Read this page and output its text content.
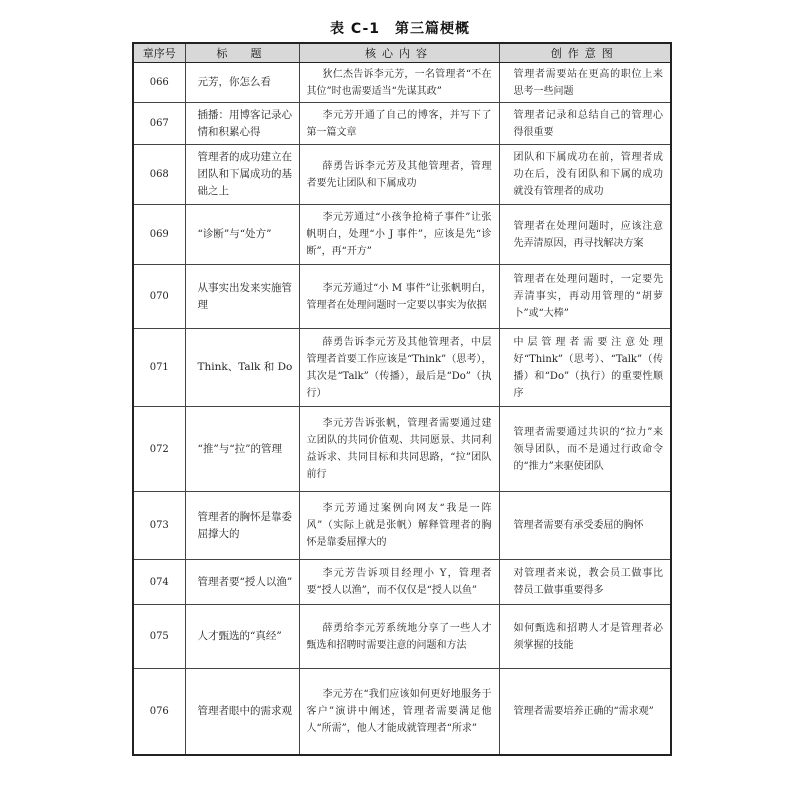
表 C-1　第三篇梗概
章序号	标　题	核心内容	创作意图
066	元芳，你怎么看	狄仁杰告诉李元芳，一名管理者“不在其位”时也需要适当“先谋其政”	管理者需要站在更高的职位上来思考一些问题
067	插播：用博客记录心情和积累心得	李元芳开通了自己的博客，并写下了第一篇文章	管理者记录和总结自己的管理心得很重要
068	管理者的成功建立在团队和下属成功的基础之上	薛勇告诉李元芳及其他管理者，管理者要先让团队和下属成功	团队和下属成功在前，管理者成功在后，没有团队和下属的成功就没有管理者的成功
069	“诊断”与“处方”	李元芳通过“小孩争抢椅子事件”让张帆明白，处理“小 J 事件”，应该是先“诊断”，再“开方”	管理者在处理问题时，应该注意先弄清原因，再寻找解决方案
070	从事实出发来实施管理	李元芳通过“小 M 事件”让张帆明白，管理者在处理问题时一定要以事实为依据	管理者在处理问题时，一定要先弄清事实，再动用管理的“胡萝卜”或“大棒”
071	Think、Talk 和 Do	薛勇告诉李元芳及其他管理者，中层管理者首要工作应该是“Think”（思考），其次是“Talk”（传播），最后是“Do”（执行）	中层管理者需要注意处理好“Think”（思考）、“Talk”（传播）和“Do”（执行）的重要性顺序
072	“推”与“拉”的管理	李元芳告诉张帆，管理者需要通过建立团队的共同价值观、共同愿景、共同利益诉求、共同目标和共同思路，“拉”团队前行	管理者需要通过共识的“拉力”来领导团队，而不是通过行政命令的“推力”来驱使团队
073	管理者的胸怀是靠委屈撑大的	李元芳通过案例向网友“我是一阵风”（实际上就是张帆）解释管理者的胸怀是靠委屈撑大的	管理者需要有承受委屈的胸怀
074	管理者要“授人以渔”	李元芳告诉项目经理小 Y，管理者要“授人以渔”，而不仅仅是“授人以鱼”	对管理者来说，教会员工做事比替员工做事重要得多
075	人才甄选的“真经”	薛勇给李元芳系统地分享了一些人才甄选和招聘时需要注意的问题和方法	如何甄选和招聘人才是管理者必须掌握的技能
076	管理者眼中的需求观	李元芳在“我们应该如何更好地服务于客户”演讲中阐述，管理者需要满足他人“所需”，他人才能成就管理者“所求”	管理者需要培养正确的“需求观”
